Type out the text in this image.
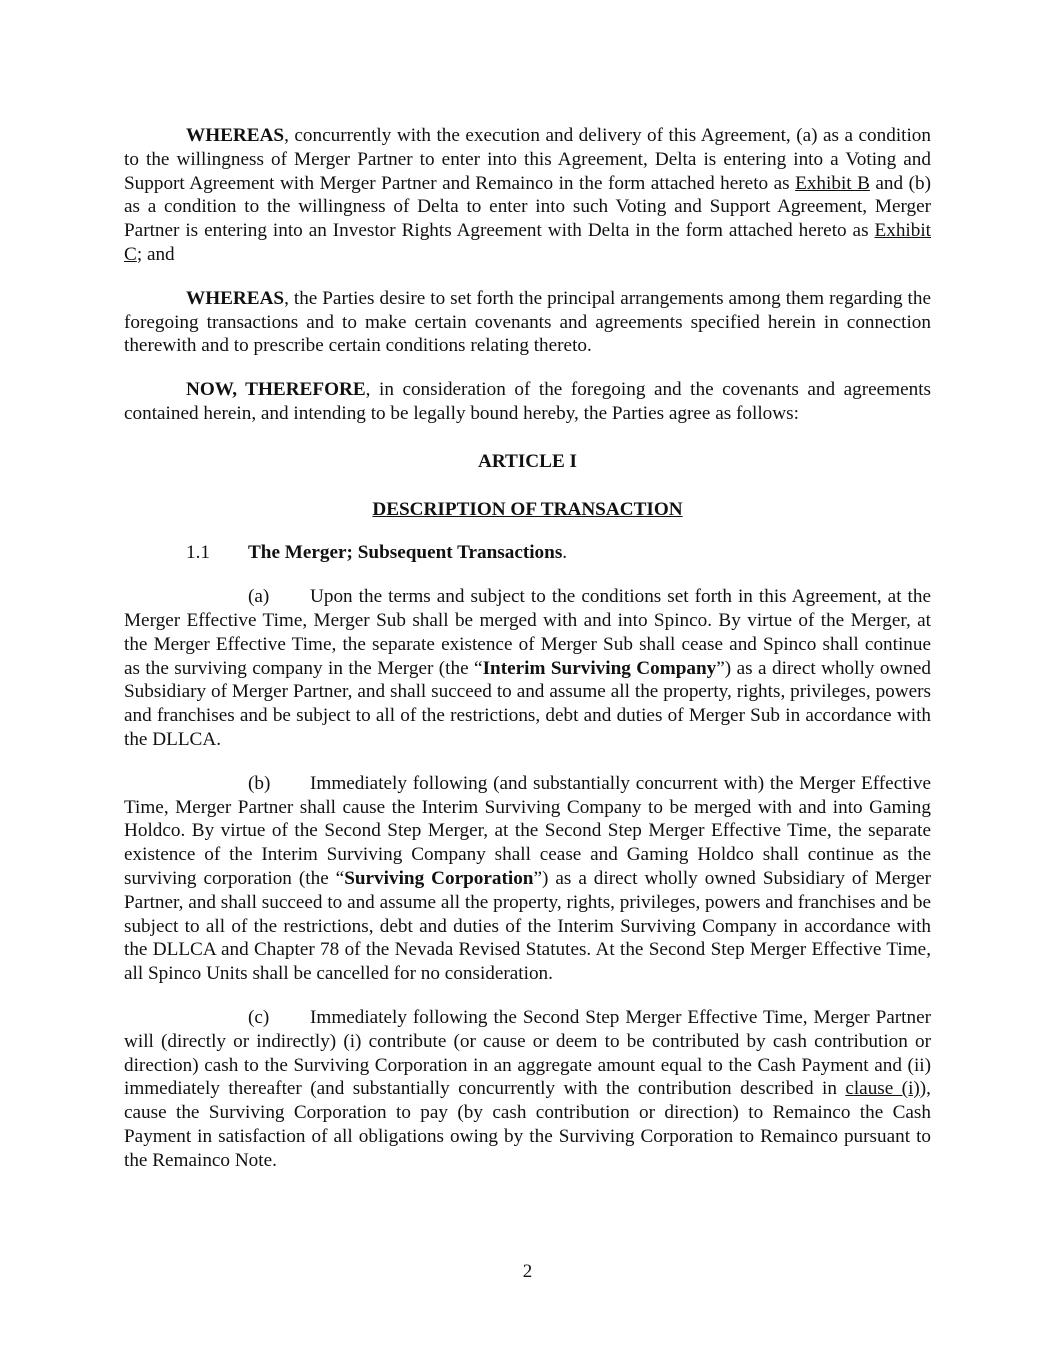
WHEREAS, concurrently with the execution and delivery of this Agreement, (a) as a condition to the willingness of Merger Partner to enter into this Agreement, Delta is entering into a Voting and Support Agreement with Merger Partner and Remainco in the form attached hereto as Exhibit B and (b) as a condition to the willingness of Delta to enter into such Voting and Support Agreement, Merger Partner is entering into an Investor Rights Agreement with Delta in the form attached hereto as Exhibit C; and

WHEREAS, the Parties desire to set forth the principal arrangements among them regarding the foregoing transactions and to make certain covenants and agreements specified herein in connection therewith and to prescribe certain conditions relating thereto.

NOW, THEREFORE, in consideration of the foregoing and the covenants and agreements contained herein, and intending to be legally bound hereby, the Parties agree as follows:

ARTICLE I

DESCRIPTION OF TRANSACTION

1.1 The Merger; Subsequent Transactions.

(a) Upon the terms and subject to the conditions set forth in this Agreement, at the Merger Effective Time, Merger Sub shall be merged with and into Spinco. By virtue of the Merger, at the Merger Effective Time, the separate existence of Merger Sub shall cease and Spinco shall continue as the surviving company in the Merger (the “Interim Surviving Company”) as a direct wholly owned Subsidiary of Merger Partner, and shall succeed to and assume all the property, rights, privileges, powers and franchises and be subject to all of the restrictions, debt and duties of Merger Sub in accordance with the DLLCA.

(b) Immediately following (and substantially concurrent with) the Merger Effective Time, Merger Partner shall cause the Interim Surviving Company to be merged with and into Gaming Holdco. By virtue of the Second Step Merger, at the Second Step Merger Effective Time, the separate existence of the Interim Surviving Company shall cease and Gaming Holdco shall continue as the surviving corporation (the “Surviving Corporation”) as a direct wholly owned Subsidiary of Merger Partner, and shall succeed to and assume all the property, rights, privileges, powers and franchises and be subject to all of the restrictions, debt and duties of the Interim Surviving Company in accordance with the DLLCA and Chapter 78 of the Nevada Revised Statutes. At the Second Step Merger Effective Time, all Spinco Units shall be cancelled for no consideration.

(c) Immediately following the Second Step Merger Effective Time, Merger Partner will (directly or indirectly) (i) contribute (or cause or deem to be contributed by cash contribution or direction) cash to the Surviving Corporation in an aggregate amount equal to the Cash Payment and (ii) immediately thereafter (and substantially concurrently with the contribution described in clause (i)), cause the Surviving Corporation to pay (by cash contribution or direction) to Remainco the Cash Payment in satisfaction of all obligations owing by the Surviving Corporation to Remainco pursuant to the Remainco Note.

2
